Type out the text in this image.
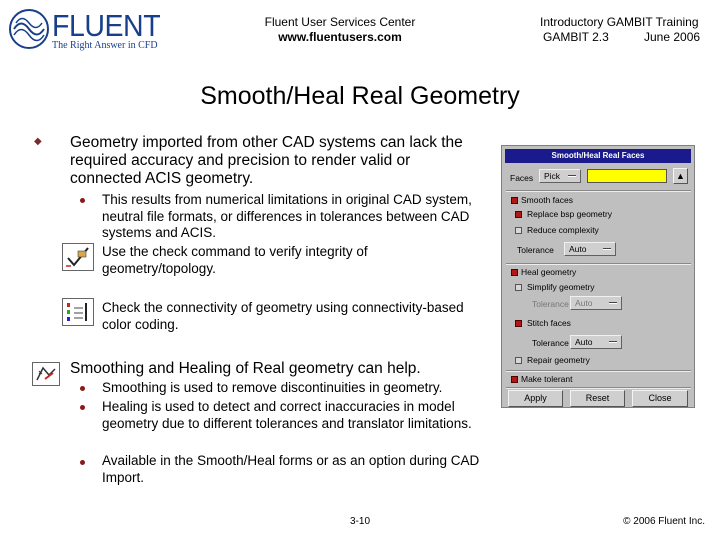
FLUENT
The Right Answer in CFD
Fluent User Services Center
www.fluentusers.com
Introductory GAMBIT Training
GAMBIT 2.3	June 2006
Smooth/Heal Real Geometry
◆ Geometry imported from other CAD systems can lack the required accuracy and precision to render valid or connected ACIS geometry.
This results from numerical limitations in original CAD system, neutral file formats, or differences in tolerances between CAD systems and ACIS.
Use the check command to verify integrity of geometry/topology.
Check the connectivity of geometry using connectivity-based color coding.
Smoothing and Healing of Real geometry can help.
Smoothing is used to remove discontinuities in geometry.
Healing is used to detect and correct inaccuracies in model geometry due to different tolerances and translator limitations.
Available in the Smooth/Heal forms or as an option during CAD Import.
Smooth/Heal Real Faces
Faces	Pick	▲
Smooth faces
Replace bsp geometry
Reduce complexity
Tolerance	Auto
Heal geometry
Simplify geometry
Tolerance Auto
Stitch faces
Tolerance Auto
Repair geometry
Make tolerant
Apply	Reset	Close
3-10	© 2006 Fluent Inc.
